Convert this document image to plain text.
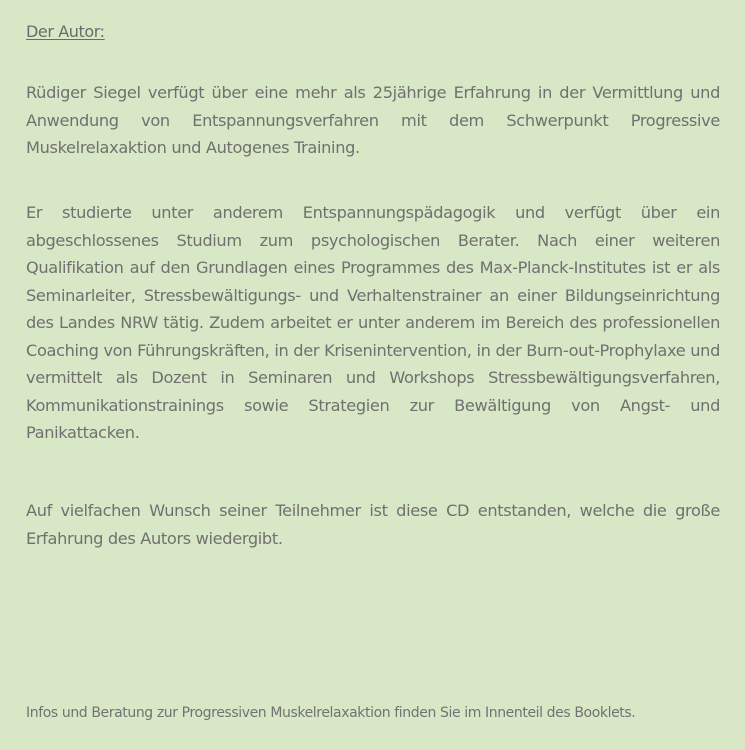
Der Autor:

Rüdiger Siegel verfügt über eine mehr als 25jährige Erfahrung in der Vermittlung und Anwendung von Entspannungsverfahren mit dem Schwerpunkt Progressive Muskelrelaxaktion und Autogenes Training.

Er studierte unter anderem Entspannungspädagogik und verfügt über ein abgeschlossenes Studium zum psychologischen Berater. Nach einer weiteren Qualifikation auf den Grundlagen eines Programmes des Max-Planck-Institutes ist er als Seminarleiter, Stressbewältigungs- und Verhaltenstrainer an einer Bildungseinrichtung des Landes NRW tätig. Zudem arbeitet er unter anderem im Bereich des professionellen Coaching von Führungskräften, in der Krisenintervention, in der Burn-out-Prophylaxe und vermittelt als Dozent in Seminaren und Workshops Stressbewältigungsverfahren, Kommunikationstrainings sowie Strategien zur Bewältigung von Angst- und Panikattacken.

Auf vielfachen Wunsch seiner Teilnehmer ist diese CD entstanden, welche die große Erfahrung des Autors wiedergibt.

Infos und Beratung zur Progressiven Muskelrelaxaktion finden Sie im Innenteil des Booklets.
